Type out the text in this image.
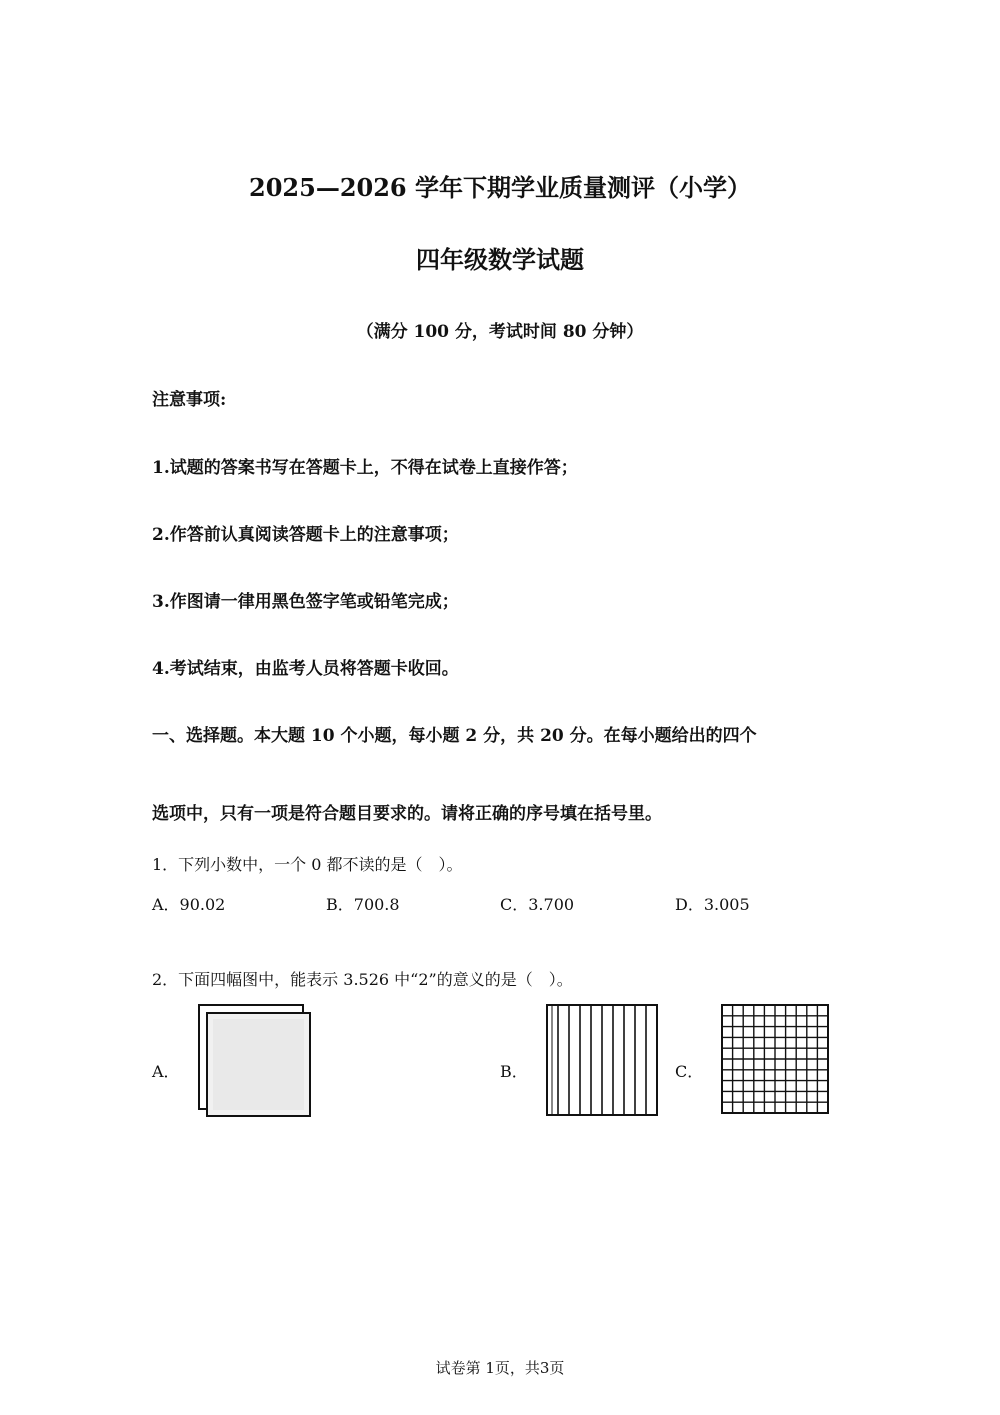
2025—2026 学年下期学业质量测评（小学）
四年级数学试题
（满分 100 分，考试时间 80 分钟）
注意事项:
1.试题的答案书写在答题卡上，不得在试卷上直接作答；
2.作答前认真阅读答题卡上的注意事项；
3.作图请一律用黑色签字笔或铅笔完成；
4.考试结束，由监考人员将答题卡收回。
一、选择题。本大题 10 个小题，每小题 2 分，共 20 分。在每小题给出的四个
选项中，只有一项是符合题目要求的。请将正确的序号填在括号里。
1．下列小数中，一个 0 都不读的是（　）。
A．90.02	B．700.8	C．3.700	D．3.005
2．下面四幅图中，能表示 3.526 中“2”的意义的是（　）。
A．	B．	C．
试卷第 1页，共3页
